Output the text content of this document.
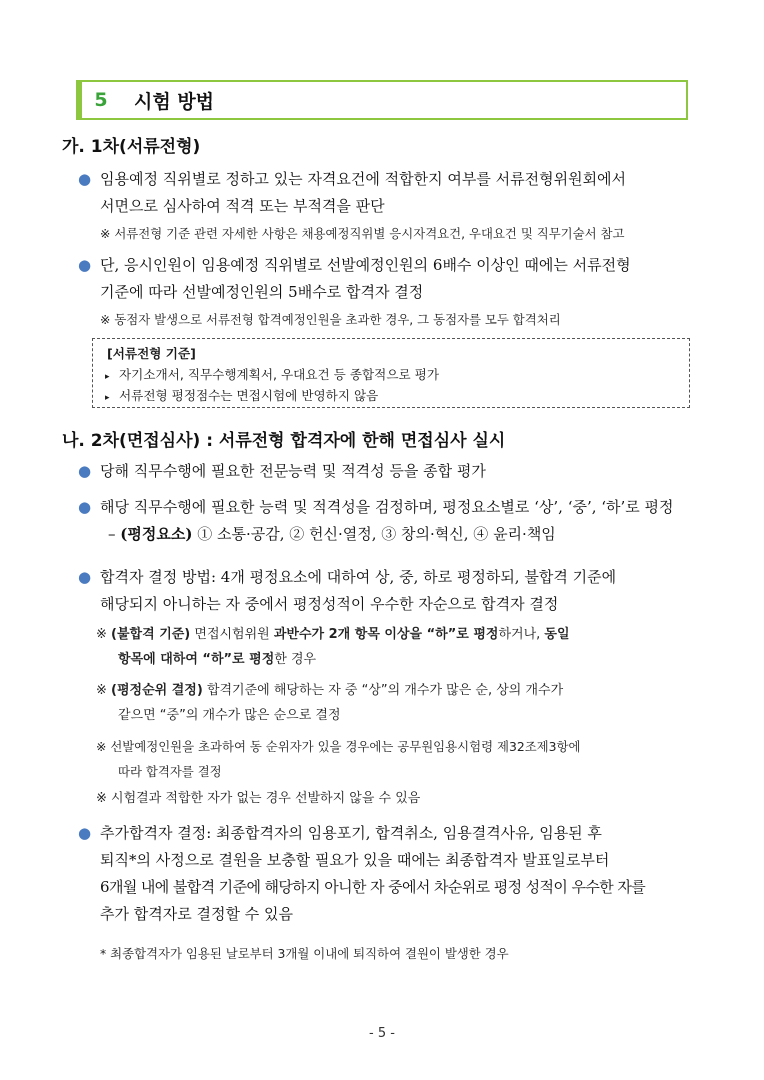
5	시험 방법
가. 1차(서류전형)
● 임용예정 직위별로 정하고 있는 자격요건에 적합한지 여부를 서류전형위원회에서
서면으로 심사하여 적격 또는 부적격을 판단
※ 서류전형 기준 관련 자세한 사항은 채용예정직위별 응시자격요건, 우대요건 및 직무기술서 참고
● 단, 응시인원이 임용예정 직위별로 선발예정인원의 6배수 이상인 때에는 서류전형
기준에 따라 선발예정인원의 5배수로 합격자 결정
※ 동점자 발생으로 서류전형 합격예정인원을 초과한 경우, 그 동점자를 모두 합격처리
[서류전형 기준]
▸ 자기소개서, 직무수행계획서, 우대요건 등 종합적으로 평가
▸ 서류전형 평정점수는 면접시험에 반영하지 않음
나. 2차(면접심사) : 서류전형 합격자에 한해 면접심사 실시
● 당해 직무수행에 필요한 전문능력 및 적격성 등을 종합 평가
● 해당 직무수행에 필요한 능력 및 적격성을 검정하며, 평정요소별로 ‘상’, ‘중’, ‘하’로 평정
– (평정요소) ① 소통·공감, ② 헌신·열정, ③ 창의·혁신, ④ 윤리·책임
● 합격자 결정 방법: 4개 평정요소에 대하여 상, 중, 하로 평정하되, 불합격 기준에
해당되지 아니하는 자 중에서 평정성적이 우수한 자순으로 합격자 결정
※ (불합격 기준) 면접시험위원 과반수가 2개 항목 이상을 “하”로 평정하거나, 동일
항목에 대하여 “하”로 평정한 경우
※ (평정순위 결정) 합격기준에 해당하는 자 중 “상”의 개수가 많은 순, 상의 개수가
같으면 “중”의 개수가 많은 순으로 결정
※ 선발예정인원을 초과하여 동 순위자가 있을 경우에는 공무원임용시험령 제32조제3항에
따라 합격자를 결정
※ 시험결과 적합한 자가 없는 경우 선발하지 않을 수 있음
● 추가합격자 결정: 최종합격자의 임용포기, 합격취소, 임용결격사유, 임용된 후
퇴직*의 사정으로 결원을 보충할 필요가 있을 때에는 최종합격자 발표일로부터
6개월 내에 불합격 기준에 해당하지 아니한 자 중에서 차순위로 평정 성적이 우수한 자를
추가 합격자로 결정할 수 있음
* 최종합격자가 임용된 날로부터 3개월 이내에 퇴직하여 결원이 발생한 경우
- 5 -
